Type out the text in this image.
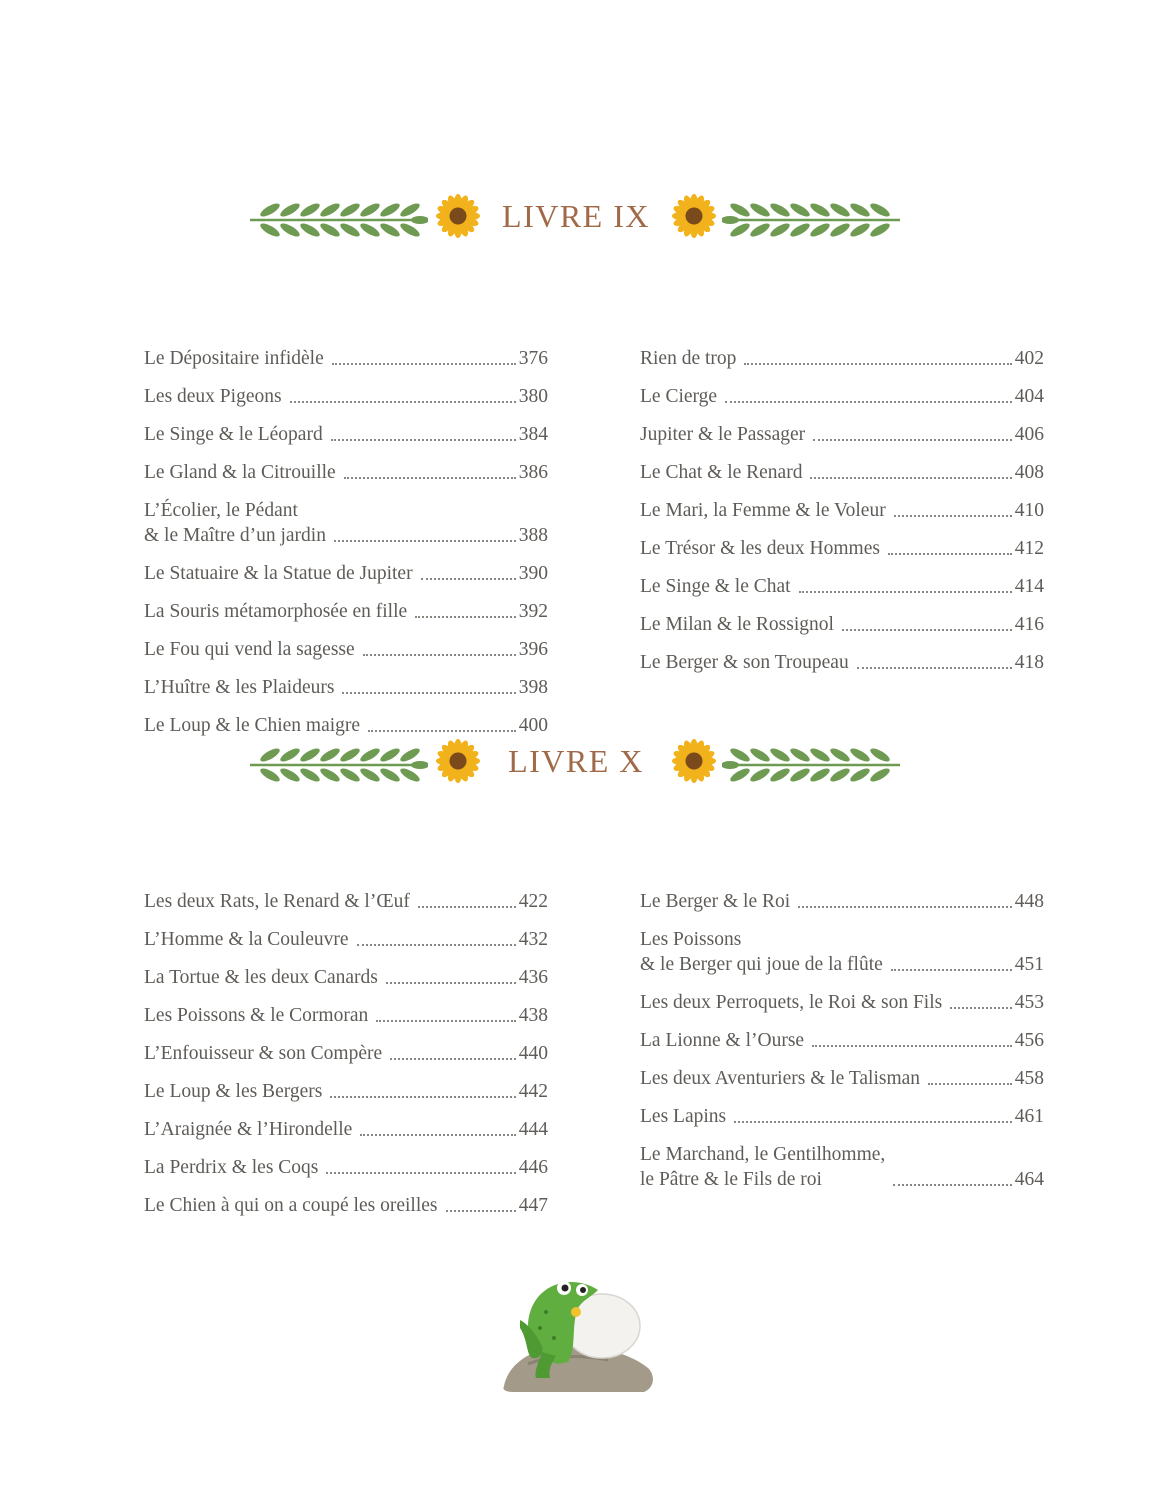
LIVRE IX
Le Dépositaire infidèle	376
Les deux Pigeons	380
Le Singe & le Léopard	384
Le Gland & la Citrouille	386
L’Écolier, le Pédant
& le Maître d’un jardin	388
Le Statuaire & la Statue de Jupiter	390
La Souris métamorphosée en fille	392
Le Fou qui vend la sagesse	396
L’Huître & les Plaideurs	398
Le Loup & le Chien maigre	400
Rien de trop	402
Le Cierge	404
Jupiter & le Passager	406
Le Chat & le Renard	408
Le Mari, la Femme & le Voleur	410
Le Trésor & les deux Hommes	412
Le Singe & le Chat	414
Le Milan & le Rossignol	416
Le Berger & son Troupeau	418
LIVRE X
Les deux Rats, le Renard & l’Œuf	422
L’Homme & la Couleuvre	432
La Tortue & les deux Canards	436
Les Poissons & le Cormoran	438
L’Enfouisseur & son Compère	440
Le Loup & les Bergers	442
L’Araignée & l’Hirondelle	444
La Perdrix & les Coqs	446
Le Chien à qui on a coupé les oreilles	447
Le Berger & le Roi	448
Les Poissons
& le Berger qui joue de la flûte	451
Les deux Perroquets, le Roi & son Fils	453
La Lionne & l’Ourse	456
Les deux Aventuriers & le Talisman	458
Les Lapins	461
Le Marchand, le Gentilhomme,
le Pâtre & le Fils de roi	464
